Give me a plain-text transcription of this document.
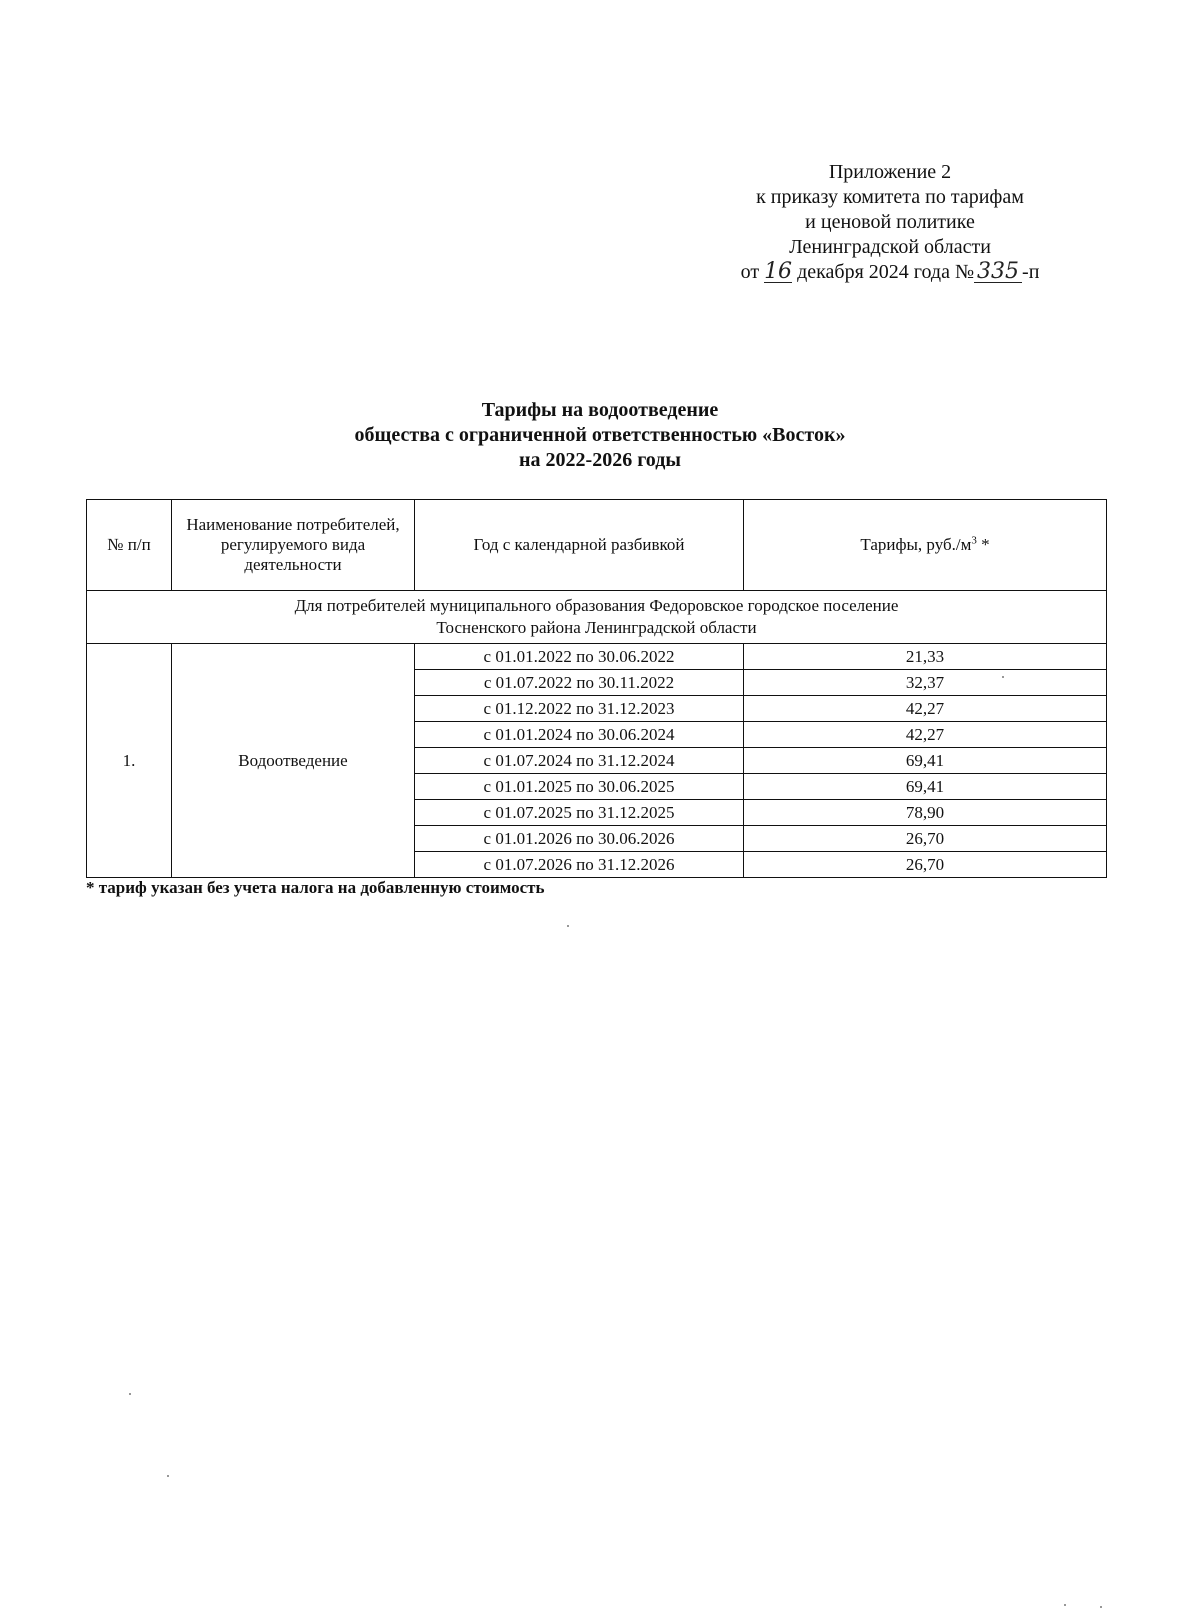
Приложение 2
к приказу комитета по тарифам
и ценовой политике
Ленинградской области
от 16 декабря 2024 года № 335 -п
Тарифы на водоотведение
общества с ограниченной ответственностью «Восток»
на 2022-2026 годы
№ п/п	Наименование потребителей, регулируемого вида деятельности	Год с календарной разбивкой	Тарифы, $руб./м^3$ *

Для потребителей муниципального образования Федоровское городское поселение
Тосненского района Ленинградской области			

1.	Водоотведение	с 01.01.2022 по 30.06.2022	21,33
		с 01.07.2022 по 30.11.2022	32,37
		с 01.12.2022 по 31.12.2023	42,27
		с 01.01.2024 по 30.06.2024	42,27
		с 01.07.2024 по 31.12.2024	69,41
		с 01.01.2025 по 30.06.2025	69,41
		с 01.07.2025 по 31.12.2025	78,90
		с 01.01.2026 по 30.06.2026	26,70
		с 01.07.2026 по 31.12.2026	26,70
* тариф указан без учета налога на добавленную стоимость
